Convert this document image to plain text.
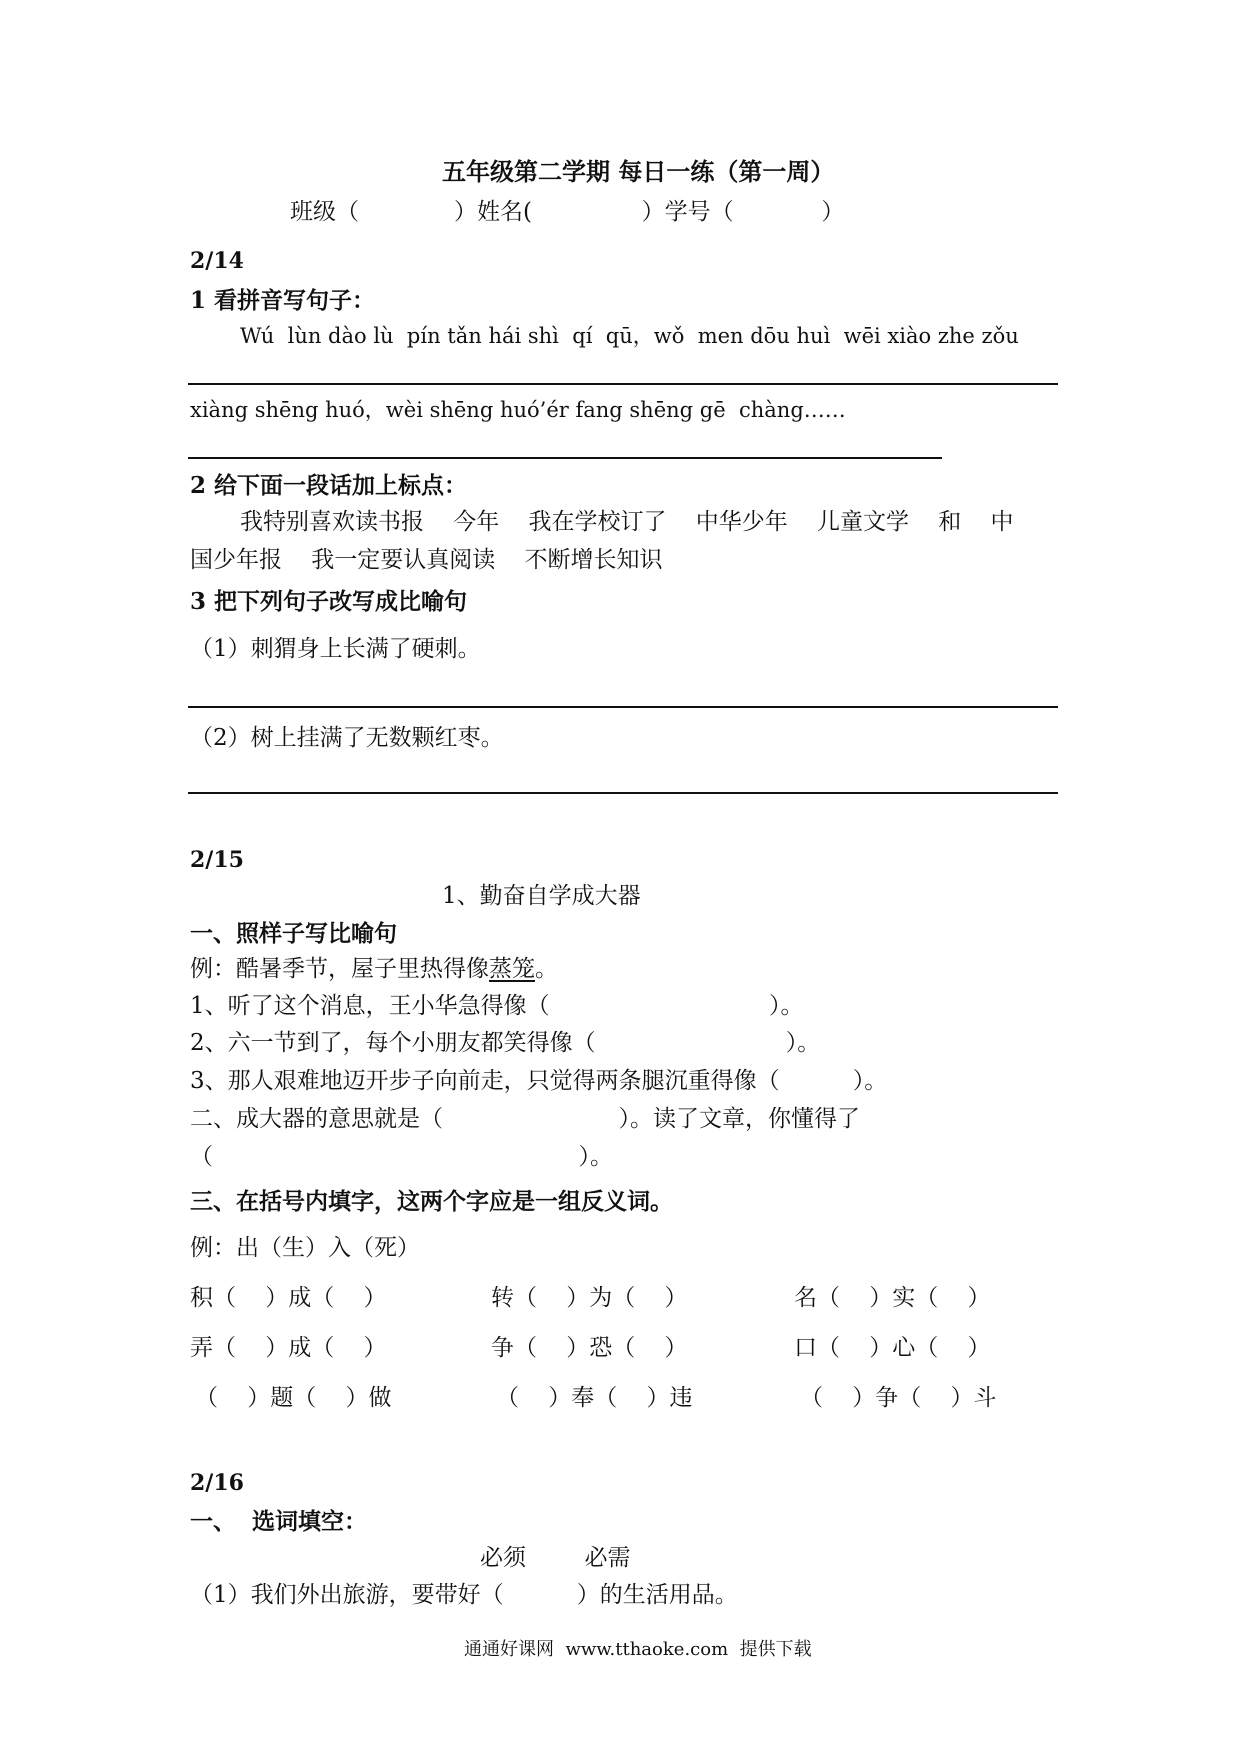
五年级第二学期 每日一练（第一周）
班级（             ）姓名(               ）学号（            ）
2/14
1 看拼音写句子：
Wú  lùn dào lù  pín tǎn hái shì  qí  qū，wǒ  men dōu huì  wēi xiào zhe zǒu
xiàng shēng huó，wèi shēng huó’ér fang shēng gē  chàng……
2 给下面一段话加上标点：
我特别喜欢读书报    今年    我在学校订了    中华少年    儿童文学    和    中
国少年报    我一定要认真阅读    不断增长知识
3 把下列句子改写成比喻句
（1）刺猬身上长满了硬刺。
（2）树上挂满了无数颗红枣。
2/15
1、勤奋自学成大器
一、照样子写比喻句
例：酷暑季节，屋子里热得像蒸笼。
1、听了这个消息，王小华急得像（                              ）。
2、六一节到了，每个小朋友都笑得像（                          ）。
3、那人艰难地迈开步子向前走，只觉得两条腿沉重得像（          ）。
二、成大器的意思就是（                        ）。读了文章，你懂得了
（                                                  ）。
三、在括号内填字，这两个字应是一组反义词。
例：出（生）入（死）
积（    ）成（    ）	转（    ）为（    ）	名（    ）实（    ）
弄（    ）成（    ）	争（    ）恐（    ）	口（    ）心（    ）
（    ）题（    ）做	（    ）奉（    ）违	（    ）争（    ）斗
2/16
一、  选词填空：
必须        必需
（1）我们外出旅游，要带好（          ）的生活用品。
通通好课网  www.tthaoke.com  提供下载
